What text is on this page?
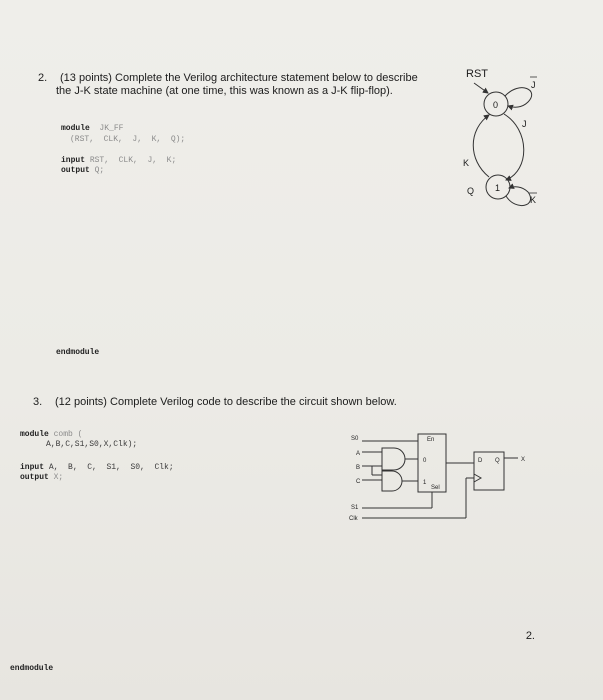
2. (13 points) Complete the Verilog architecture statement below to describe
the J-K state machine (at one time, this was known as a J-K flip-flop).
module JK_FF
(RST,  CLK,  J,  K,  Q);
input RST,  CLK,  J,  K;
output Q;
endmodule
RST
0
J
J
K
1
Q
K
3. (12 points) Complete Verilog code to describe the circuit shown below.
module comb (
A,B,C,S1,S0,X,Clk);
input A,  B,  C,  S1,  S0,  Clk;
output X;
S0
A
B
C
S1
Clk
En
0
1
Sel
D Q	X
2.
endmodule
